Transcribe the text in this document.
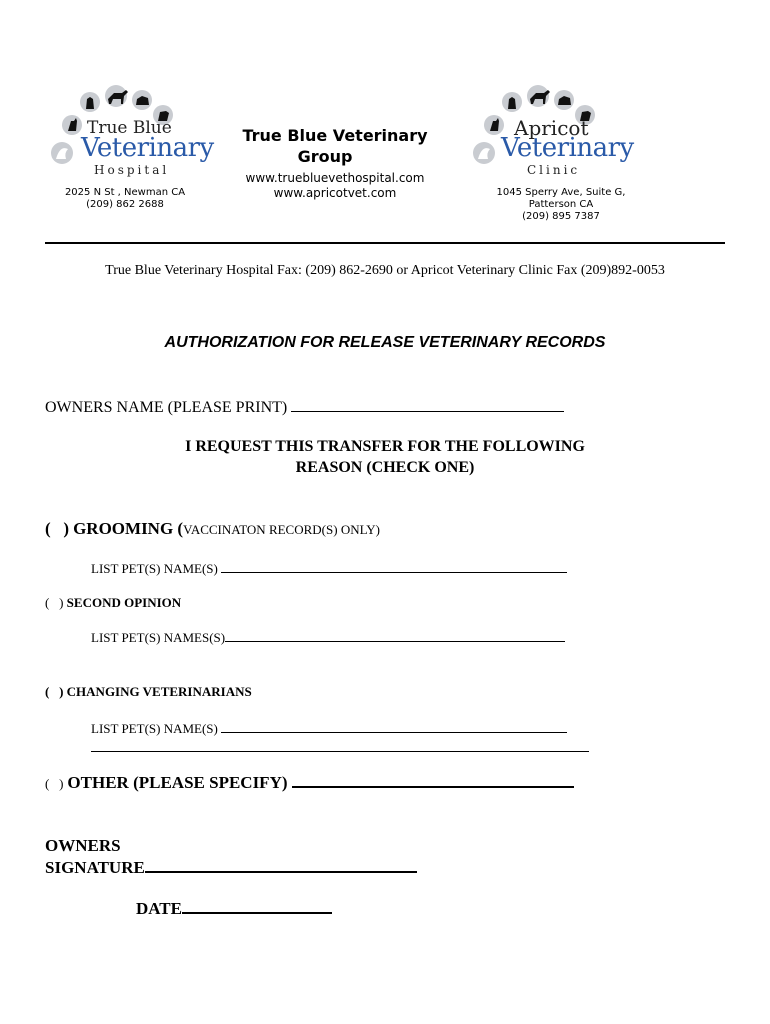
True Blue
Veterinary
Hospital
2025 N St , Newman CA
(209) 862 2688
True Blue Veterinary
Group
www.truebluevethospital.com
www.apricotvet.com
Apricot
Veterinary
Clinic
1045 Sperry Ave, Suite G,
Patterson CA
(209) 895 7387
True Blue Veterinary Hospital Fax: (209) 862-2690 or Apricot Veterinary Clinic Fax (209)892-0053
AUTHORIZATION FOR RELEASE VETERINARY RECORDS
OWNERS NAME (PLEASE PRINT)
I REQUEST THIS TRANSFER FOR THE FOLLOWING
REASON (CHECK ONE)
(   ) GROOMING (VACCINATON RECORD(S) ONLY)
LIST PET(S) NAME(S)
(   ) SECOND OPINION
LIST PET(S) NAMES(S)
(   ) CHANGING VETERINARIANS
LIST PET(S) NAME(S)
(   ) OTHER (PLEASE SPECIFY)
OWNERS
SIGNATURE
DATE
